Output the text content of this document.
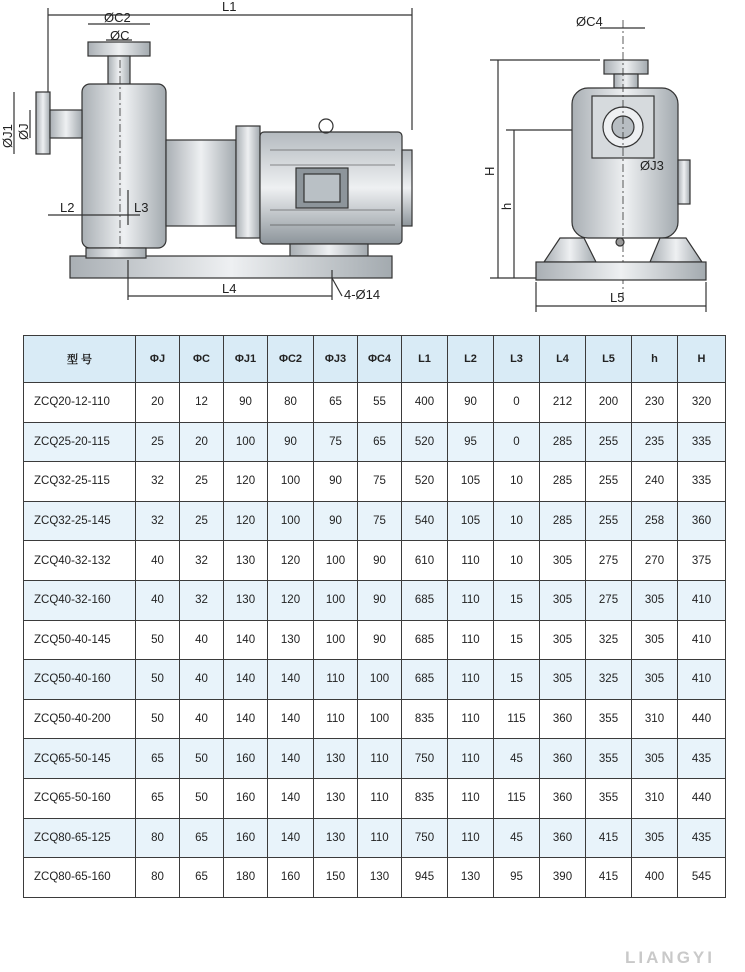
L1
ØC2
ØC
ØJ1 ØJ
L2	L3
L4	4-Ø14
ØC4
ØJ3
H
h
L5
型 号	ΦJ	ΦC	ΦJ1	ΦC2	ΦJ3	ΦC4	L1	L2	L3	L4	L5	h	H
ZCQ20-12-110	20	12	90	80	65	55	400	90	0	212	200	230	320
ZCQ25-20-115	25	20	100	90	75	65	520	95	0	285	255	235	335
ZCQ32-25-115	32	25	120	100	90	75	520	105	10	285	255	240	335
ZCQ32-25-145	32	25	120	100	90	75	540	105	10	285	255	258	360
ZCQ40-32-132	40	32	130	120	100	90	610	110	10	305	275	270	375
ZCQ40-32-160	40	32	130	120	100	90	685	110	15	305	275	305	410
ZCQ50-40-145	50	40	140	130	100	90	685	110	15	305	325	305	410
ZCQ50-40-160	50	40	140	140	110	100	685	110	15	305	325	305	410
ZCQ50-40-200	50	40	140	140	110	100	835	110	115	360	355	310	440
ZCQ65-50-145	65	50	160	140	130	110	750	110	45	360	355	305	435
ZCQ65-50-160	65	50	160	140	130	110	835	110	115	360	355	310	440
ZCQ80-65-125	80	65	160	140	130	110	750	110	45	360	415	305	435
ZCQ80-65-160	80	65	180	160	150	130	945	130	95	390	415	400	545
LIANGYI
